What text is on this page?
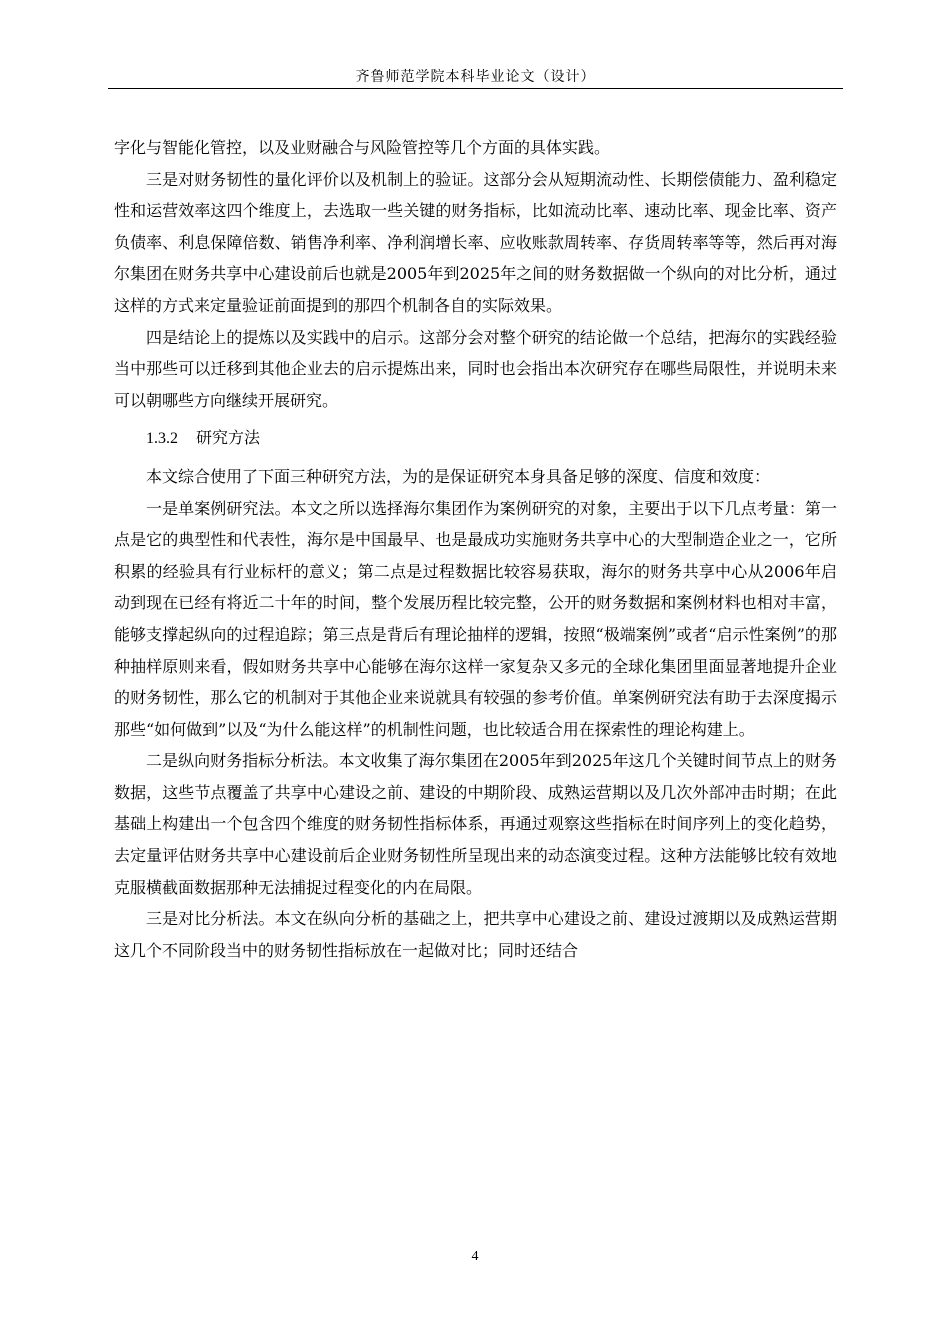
齐鲁师范学院本科毕业论文（设计）

字化与智能化管控，以及业财融合与风险管控等几个方面的具体实践。

三是对财务韧性的量化评价以及机制上的验证。这部分会从短期流动性、长期偿债能力、盈利稳定性和运营效率这四个维度上，去选取一些关键的财务指标，比如流动比率、速动比率、现金比率、资产负债率、利息保障倍数、销售净利率、净利润增长率、应收账款周转率、存货周转率等等，然后再对海尔集团在财务共享中心建设前后也就是2005年到2025年之间的财务数据做一个纵向的对比分析，通过这样的方式来定量验证前面提到的那四个机制各自的实际效果。

四是结论上的提炼以及实践中的启示。这部分会对整个研究的结论做一个总结，把海尔的实践经验当中那些可以迁移到其他企业去的启示提炼出来，同时也会指出本次研究存在哪些局限性，并说明未来可以朝哪些方向继续开展研究。

1.3.2 研究方法

本文综合使用了下面三种研究方法，为的是保证研究本身具备足够的深度、信度和效度：

一是单案例研究法。本文之所以选择海尔集团作为案例研究的对象，主要出于以下几点考量：第一点是它的典型性和代表性，海尔是中国最早、也是最成功实施财务共享中心的大型制造企业之一，它所积累的经验具有行业标杆的意义；第二点是过程数据比较容易获取，海尔的财务共享中心从2006年启动到现在已经有将近二十年的时间，整个发展历程比较完整，公开的财务数据和案例材料也相对丰富，能够支撑起纵向的过程追踪；第三点是背后有理论抽样的逻辑，按照“极端案例”或者“启示性案例”的那种抽样原则来看，假如财务共享中心能够在海尔这样一家复杂又多元的全球化集团里面显著地提升企业的财务韧性，那么它的机制对于其他企业来说就具有较强的参考价值。单案例研究法有助于去深度揭示那些“如何做到”以及“为什么能这样”的机制性问题，也比较适合用在探索性的理论构建上。

二是纵向财务指标分析法。本文收集了海尔集团在2005年到2025年这几个关键时间节点上的财务数据，这些节点覆盖了共享中心建设之前、建设的中期阶段、成熟运营期以及几次外部冲击时期；在此基础上构建出一个包含四个维度的财务韧性指标体系，再通过观察这些指标在时间序列上的变化趋势，去定量评估财务共享中心建设前后企业财务韧性所呈现出来的动态演变过程。这种方法能够比较有效地克服横截面数据那种无法捕捉过程变化的内在局限。

三是对比分析法。本文在纵向分析的基础之上，把共享中心建设之前、建设过渡期以及成熟运营期这几个不同阶段当中的财务韧性指标放在一起做对比；同时还结合

4
